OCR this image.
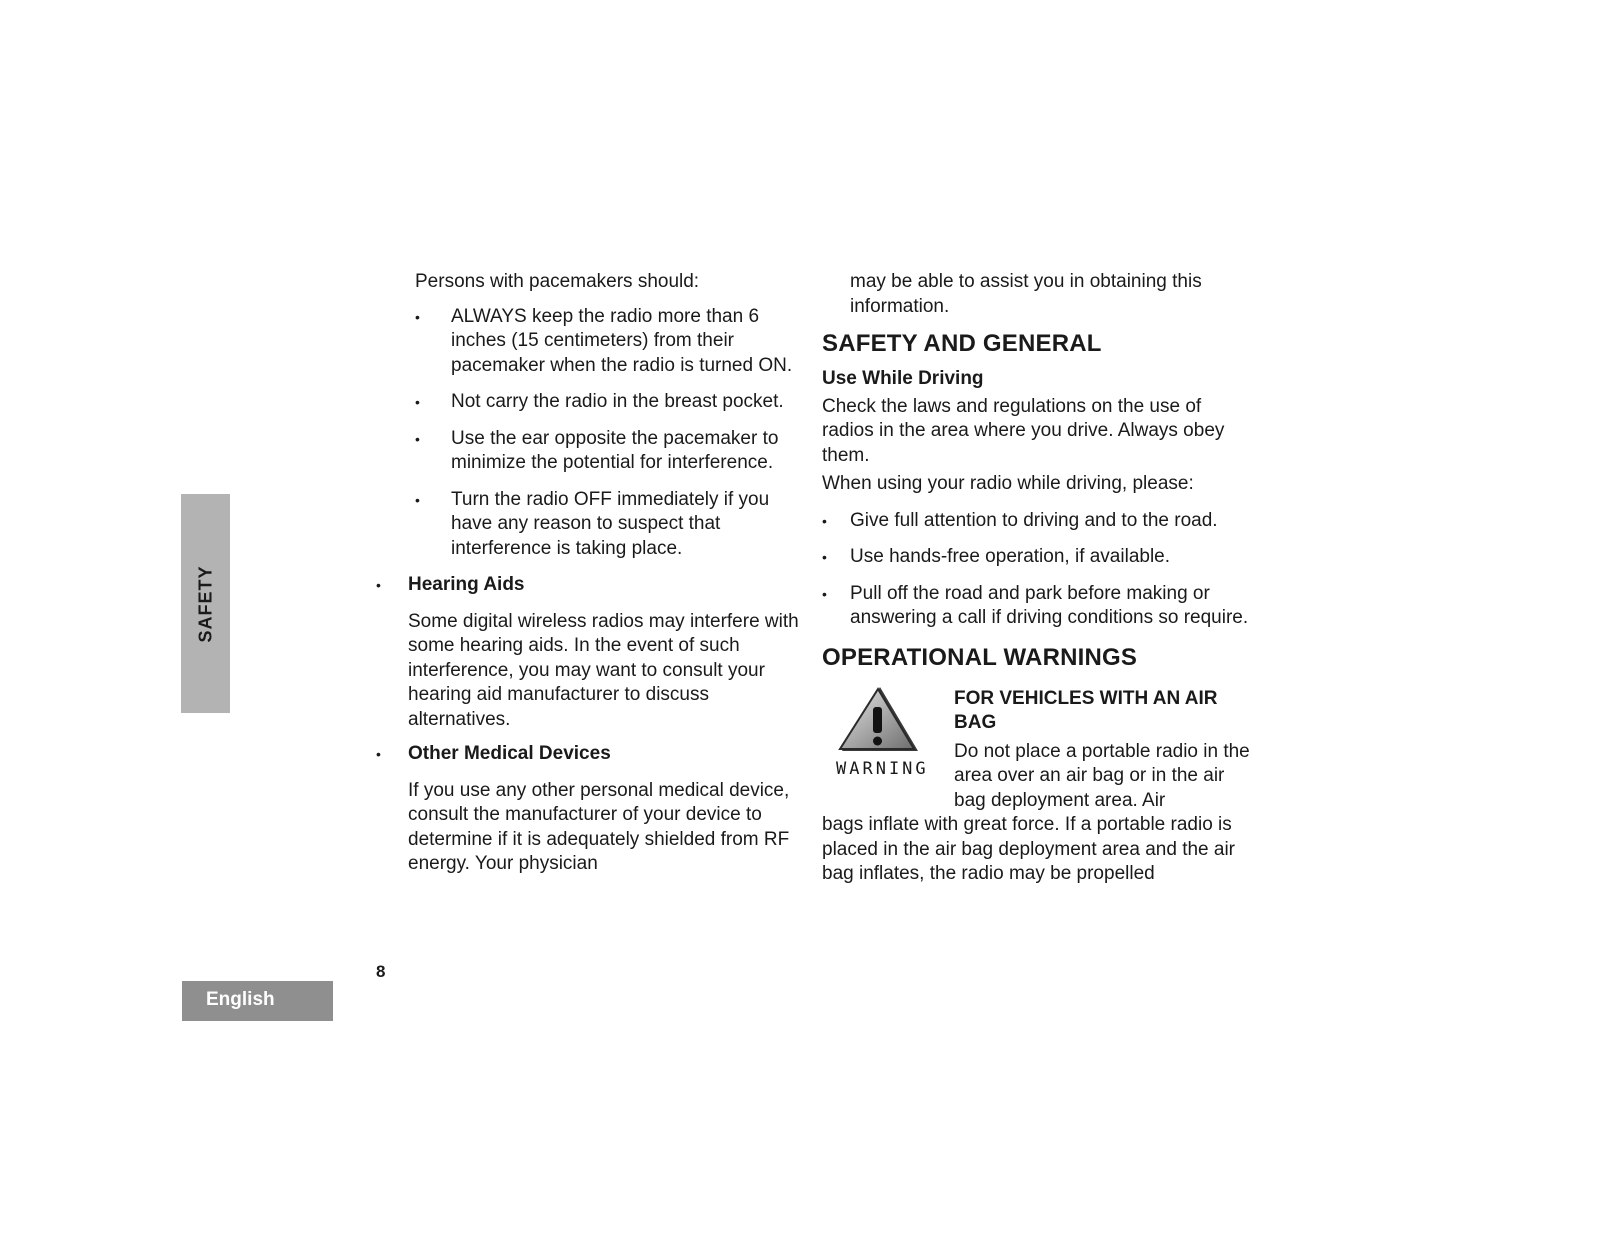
SAFETY

Persons with pacemakers should:

• ALWAYS keep the radio more than 6 inches (15 centimeters) from their pacemaker when the radio is turned ON.
• Not carry the radio in the breast pocket.
• Use the ear opposite the pacemaker to minimize the potential for interference.
• Turn the radio OFF immediately if you have any reason to suspect that interference is taking place.

• Hearing Aids

Some digital wireless radios may interfere with some hearing aids. In the event of such interference, you may want to consult your hearing aid manufacturer to discuss alternatives.

• Other Medical Devices

If you use any other personal medical device, consult the manufacturer of your device to determine if it is adequately shielded from RF energy. Your physician

may be able to assist you in obtaining this information.

SAFETY AND GENERAL

Use While Driving

Check the laws and regulations on the use of radios in the area where you drive. Always obey them.

When using your radio while driving, please:

• Give full attention to driving and to the road.
• Use hands-free operation, if available.
• Pull off the road and park before making or answering a call if driving conditions so require.

OPERATIONAL WARNINGS

WARNING

FOR VEHICLES WITH AN AIR BAG

Do not place a portable radio in the area over an air bag or in the air bag deployment area. Air

bags inflate with great force. If a portable radio is placed in the air bag deployment area and the air bag inflates, the radio may be propelled

8
English
